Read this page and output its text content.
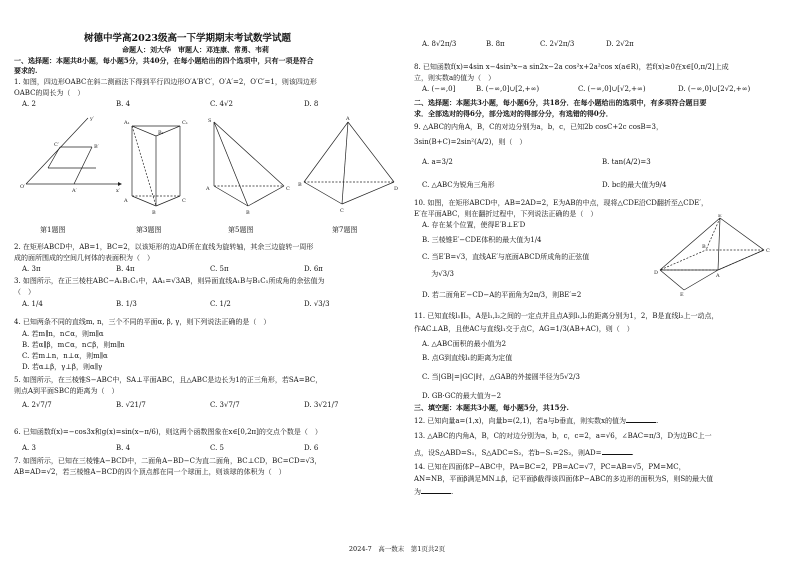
树德中学高2023级高一下学期期末考试数学试题
命题人：刘大华　审题人：邓连康、常勇、韦莉
一、选择题：本题共8小题，每小题5分，共40分，在每小题给出的四个选项中，只有一项是符合
要求的.
1. 如图，四边形OABC在斜二测画法下得到平行四边形O′A′B′C′，O′A′=2，O′C′=1，则该四边形
OABC的周长为（　）
A. 2	B. 4	C. 4√2	D. 8
O′
x′
y′
C′	B′
A′
第1题图
A₁	C₁
B₁
A	C
B
第3题图
S
A	C
B
第5题图
A
B
D
C
第7题图
2. 在矩形ABCD中，AB=1，BC=2，以该矩形的边AD所在直线为旋转轴，其余三边旋转一周形
成的面所围成的空间几何体的表面积为（　）
A. 3π	B. 4π	C. 5π	D. 6π
3. 如图所示，在正三棱柱ABC−A₁B₁C₁中，AA₁=√3AB，则异面直线A₁B与B₁C₁所成角的余弦值为
（　）
A. 1/4	B. 1/3	C. 1/2	D. √3/3
4. 已知两条不同的直线m, n，三个不同的平面α, β, γ，则下列说法正确的是（　）
A. 若m∥n，n⊂α，则m∥α
B. 若α∥β，m⊂α，n⊂β，则m∥n
C. 若m⊥n，n⊥α，则m∥α
D. 若α⊥β，γ⊥β，则α∥γ
5. 如图所示，在三棱锥S−ABC中，SA⊥平面ABC，且△ABC是边长为1的正三角形，若SA=BC，
则点A到平面SBC的距离为（　）
A. 2√7/7	B. √21/7	C. 3√7/7	D. 3√21/7
6. 已知函数f(x)=−cos3x和g(x)=sin(x−π/6)，则这两个函数图象在x∈[0,2π]的交点个数是（　）
A. 3	B. 4	C. 5	D. 6
7. 如图所示，已知在三棱锥A−BCD中，二面角A−BD−C为直二面角，BC⊥CD，BC=CD=√3，
AB=AD=√2，若三棱锥A−BCD的四个顶点都在同一个球面上，则该球的体积为（　）
A. 8√2π/3	B. 8π	C. 2√2π/3	D. 2√2π
8. 已知函数f(x)=4sin x−4sin³x−a sin2x−2a cos²x+2a²cos x(a∈R)，若f(x)≥0在x∈[0,π/2]上成
立，则实数a的值为（　）
A. (−∞,0]	B. (−∞,0]∪[2,+∞)	C. (−∞,0]∪[√2,+∞)	D. (−∞,0]∪[2√2,+∞)
二、选择题：本题共3小题，每小题6分，共18分．在每小题给出的选项中，有多项符合题目要
求．全部选对的得6分，部分选对的得部分分，有选错的得0分．
9. △ABC的内角A，B，C的对边分别为a，b，c，已知2b cosC+2c cosB=3，
3sin(B+C)=2sin²(A/2)，则（　）
A. a=3/2	B. tan(A/2)=3
C. △ABC为锐角三角形	D. bc的最大值为9/4
10. 如图，在矩形ABCD中，AB=2AD=2，E为AB的中点，现将△CDE沿CD翻折至△CDE′，
E′在平面ABC，则在翻折过程中，下列说法正确的是（　）
A. 存在某个位置，使得E′B⊥E′D
B. 三棱锥E′−CDE体积的最大值为1/4
C. 当E′B=√3，直线AE′与底面ABCD所成角的正弦值
　 为√3/3
D. 若二面角E′−CD−A的平面角为2π/3，则BE′=2
E′
D
C
A
E
B
11. 已知直线l₁∥l₂，A是l₁,l₂之间的一定点并且点A到l₁,l₂的距离分别为1，2，B是直线l₂上一动点，
作AC⊥AB，且使AC与直线l₁交于点C，AG=1/3(AB+AC)，则（　）
A. △ABC面积的最小值为2
B. 点G到直线l₁的距离为定值
C. 当|GB|=|GC|时，△GAB的外接圆半径为5√2/3
D. GB·GC的最大值为−2
三、填空题：本题共3小题，每小题5分，共15分.
12. 已知向量a=(1,x)，向量b=(2,1)，若a与b垂直，则实数x的值为	.
13. △ABC的内角A，B，C的对边分别为a，b，c，c=2，a=√6，∠BAC=π/3，D为边BC上一
点，设S△ABD=S₁，S△ADC=S₂，若b−S₁=2S₂，则AD=	.
14. 已知在四面体P−ABC中，PA=BC=2，PB=AC=√7，PC=AB=√5，PM=MC，
AN=NB，平面β满足MN⊥β，记平面β截得该四面体P−ABC的多边形的面积为S，则S的最大值
为	.
2024-7　高一数末　第1页共2页
